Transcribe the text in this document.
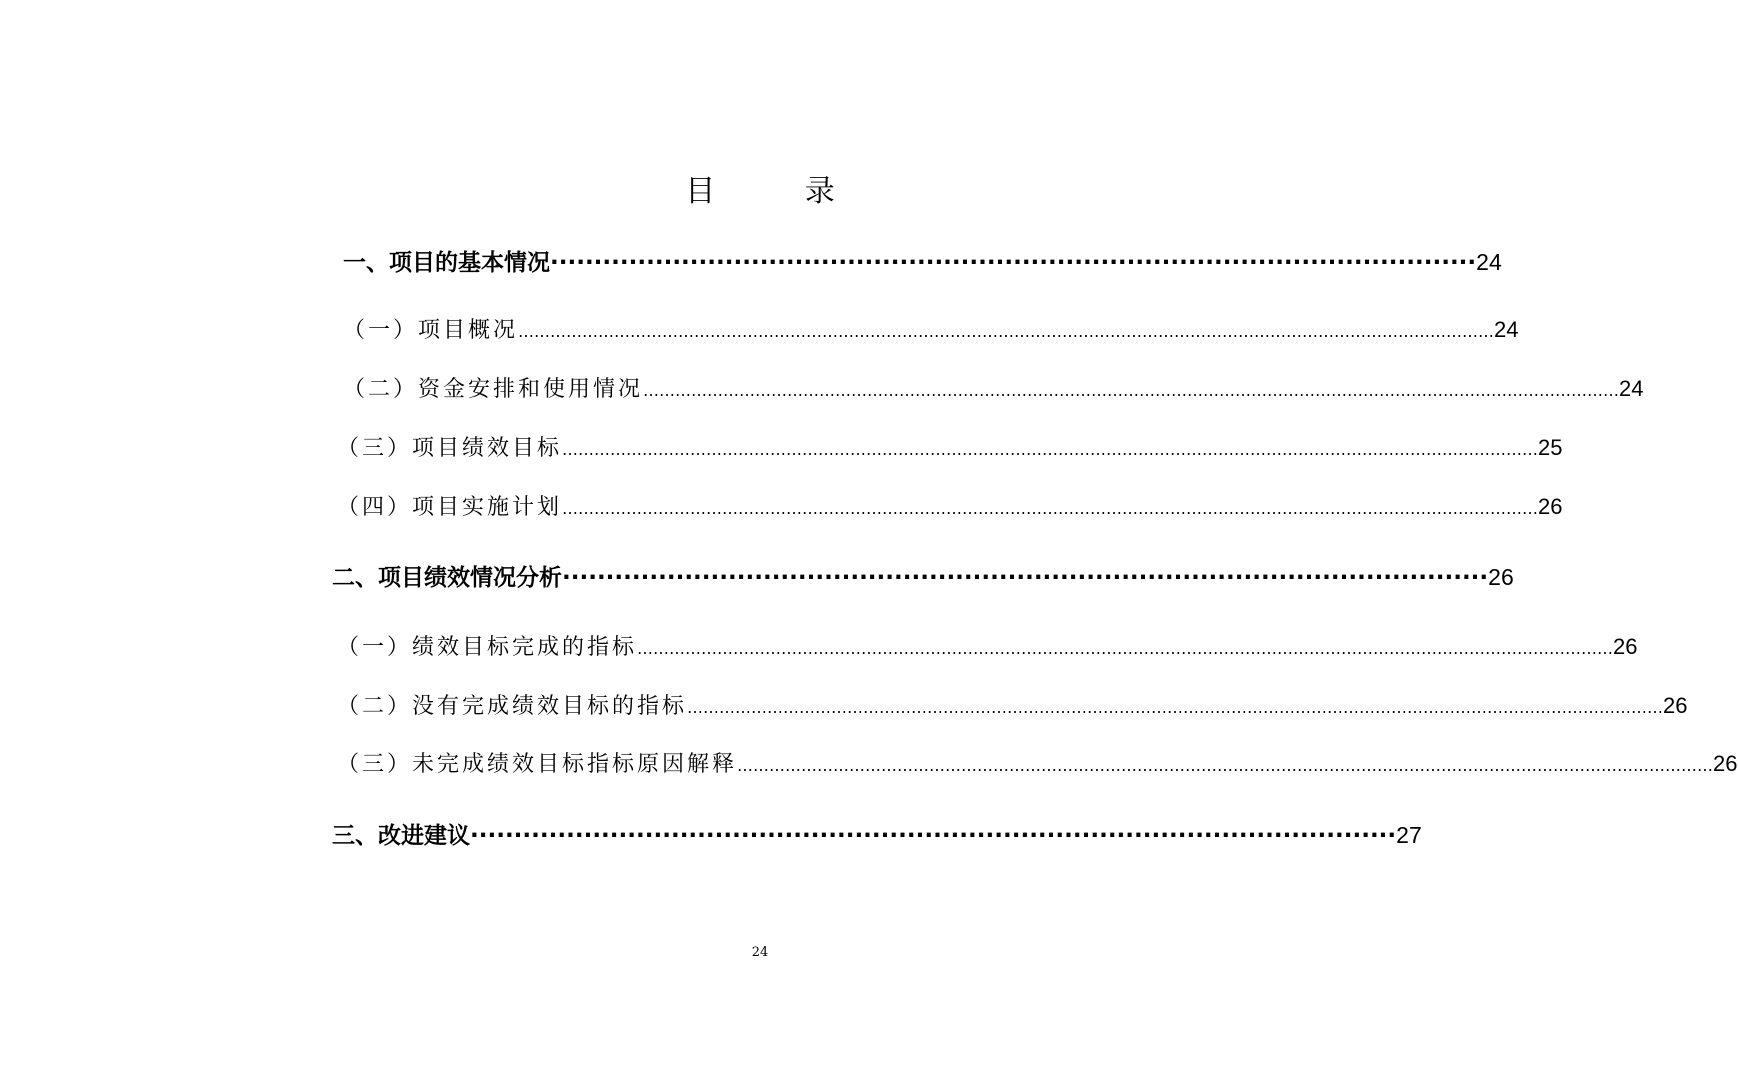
目 录
一、项目的基本情况 ·········································································································· 24
（一）项目概况 ………………………………………………………………………………………………………………………………………………………………… 24
（二）资金安排和使用情况 ………………………………………………………………………………………………………………………………………………………………… 24
（三）项目绩效目标 ………………………………………………………………………………………………………………………………………………………………… 25
（四）项目实施计划 ………………………………………………………………………………………………………………………………………………………………… 26
二、项目绩效情况分析 ·········································································································· 26
（一）绩效目标完成的指标 ………………………………………………………………………………………………………………………………………………………………… 26
（二）没有完成绩效目标的指标 ………………………………………………………………………………………………………………………………………………………………… 26
（三）未完成绩效目标指标原因解释 ………………………………………………………………………………………………………………………………………………………………… 26
三、改进建议 ·········································································································· 27
24
